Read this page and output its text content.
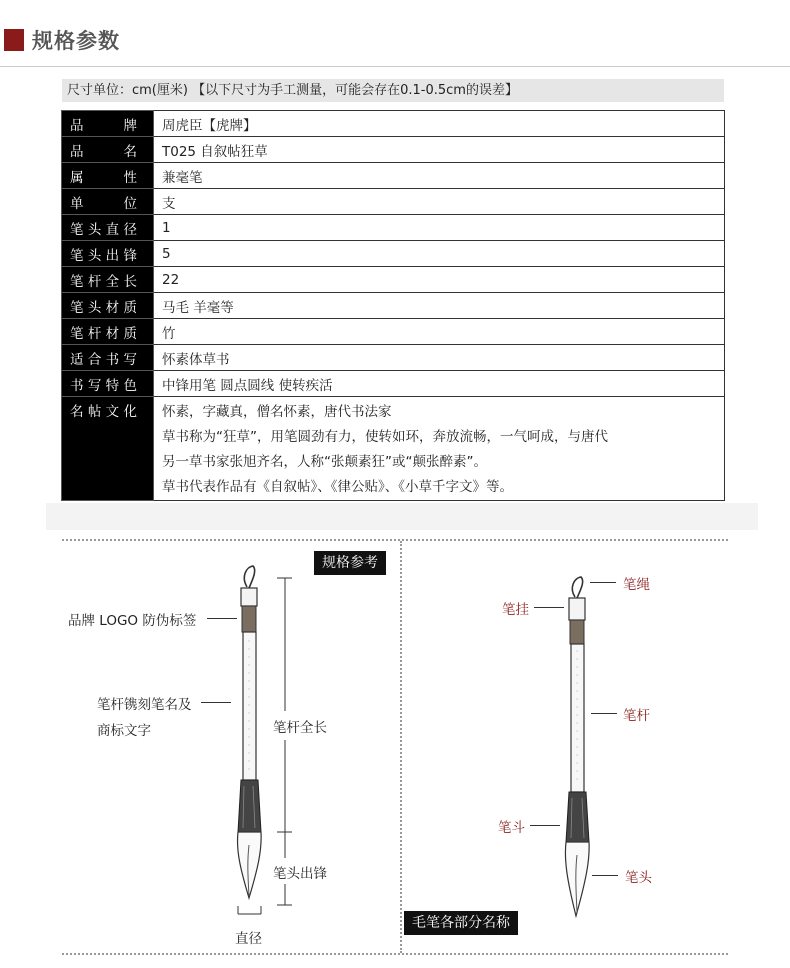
规格参数
尺寸单位：cm(厘米) 【以下尺寸为手工测量，可能会存在0.1-0.5cm的误差】
品牌	周虎臣【虎牌】
品名	T025 自叙帖狂草
属性	兼毫笔
单位	支
笔头直径	1
笔头出锋	5
笔杆全长	22
笔头材质	马毛 羊毫等
笔杆材质	竹
适合书写	怀素体草书
书写特色	中锋用笔 圆点圆线 使转疾活
名帖文化	怀素，字藏真，僧名怀素，唐代书法家
草书称为“狂草”，用笔圆劲有力，使转如环，奔放流畅，一气呵成，与唐代
另一草书家张旭齐名，人称“张颠素狂”或“颠张醉素”。
草书代表作品有《自叙帖》、《律公贴》、《小草千字文》等。
规格参考
品牌 LOGO 防伪标签
笔杆镌刻笔名及
商标文字	笔杆全长
笔头出锋
直径
毛笔各部分名称
笔绳
笔挂
笔杆
笔斗
笔头
